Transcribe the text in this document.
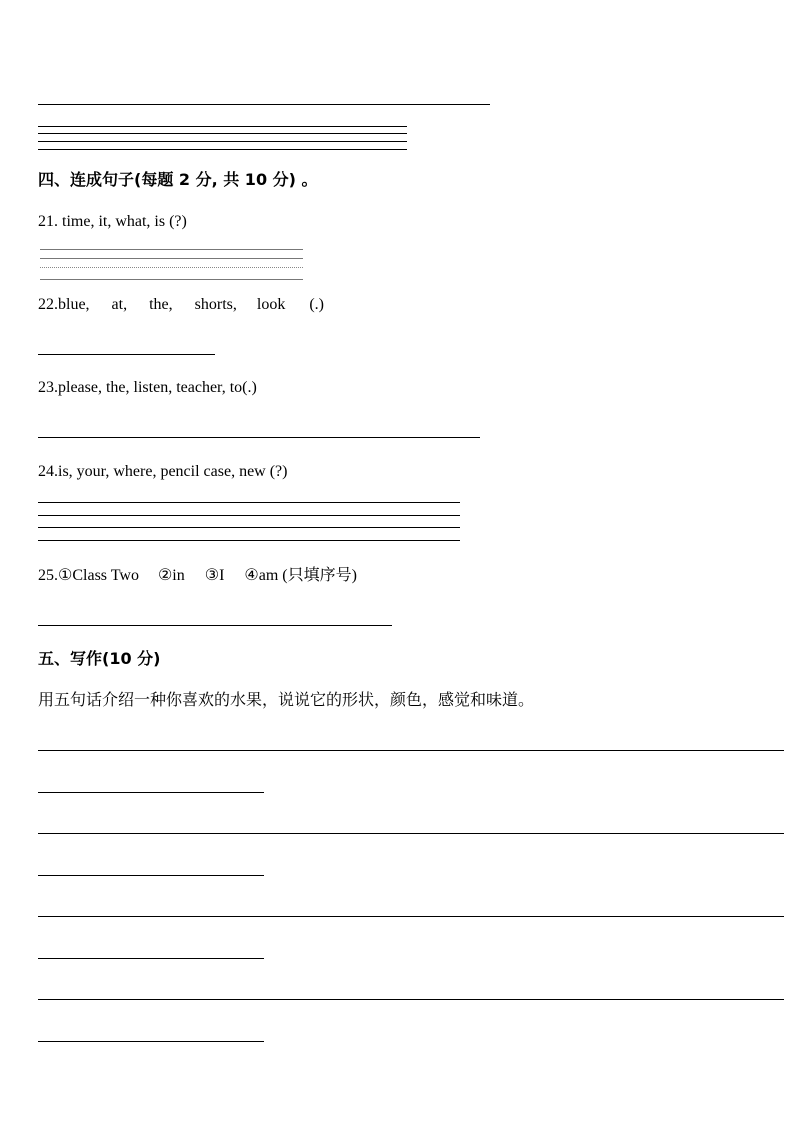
四、连成句子(每题 2 分, 共 10 分) 。
21. time, it, what, is (?)
22.blue, at, the, shorts, look (.)
23.please, the, listen, teacher, to(.)
24.is, your, where, pencil case, new (?)
25.①Class Two ②in ③I ④am (只填序号)
五、写作(10 分)
用五句话介绍一种你喜欢的水果，说说它的形状，颜色，感觉和味道。
